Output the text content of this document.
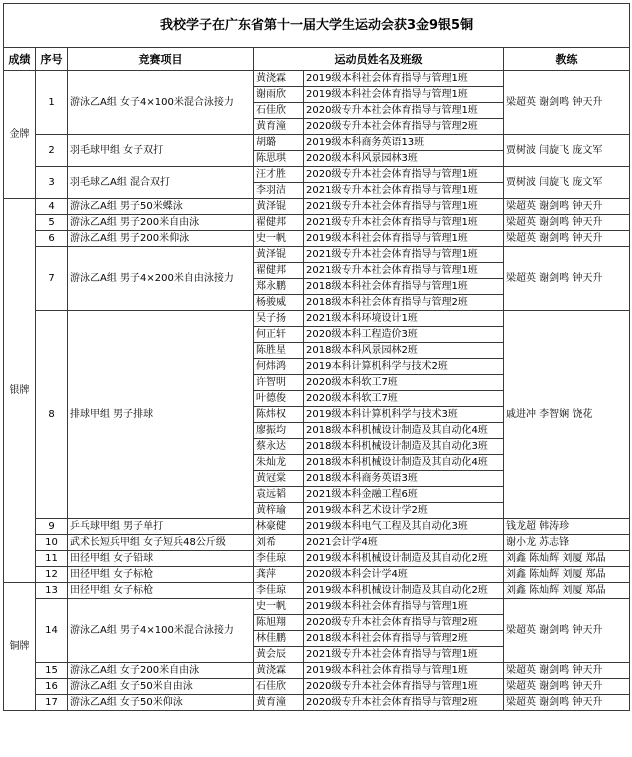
我校学子在广东省第十一届大学生运动会获3金9银5铜					
成绩	序号	竞赛项目	运动员姓名及班级		教练
金牌	1	游泳乙A组 女子4×100米混合泳接力	黄浇霖	2019级本科社会体育指导与管理1班	梁超英 谢剑鸣 钟天升
			谢雨欣	2019级本科社会体育指导与管理1班	
			石佳欣	2020级专升本社会体育指导与管理1班	
			黄育潼	2020级专升本社会体育指导与管理2班	
	2	羽毛球甲组 女子双打	胡璐	2019级本科商务英语13班	贾树波 闫旋飞 庞文军
			陈思琪	2020级本科风景园林3班	
	3	羽毛球乙A组 混合双打	汪才胜	2020级专升本社会体育指导与管理1班	贾树波 闫旋飞 庞文军
			李羽洁	2021级专升本社会体育指导与管理1班	
银牌	4	游泳乙A组 男子50米蝶泳	黄泽锟	2021级专升本社会体育指导与管理1班	梁超英 谢剑鸣 钟天升
	5	游泳乙A组 男子200米自由泳	翟健邦	2021级专升本社会体育指导与管理1班	梁超英 谢剑鸣 钟天升
	6	游泳乙A组 男子200米仰泳	史一帆	2019级本科社会体育指导与管理1班	梁超英 谢剑鸣 钟天升
	7	游泳乙A组 男子4×200米自由泳接力	黄泽锟	2021级专升本社会体育指导与管理1班	梁超英 谢剑鸣 钟天升
			翟健邦	2021级专升本社会体育指导与管理1班	
			郑永鹏	2018级本科社会体育指导与管理1班	
			杨骏威	2018级本科社会体育指导与管理2班	
	8	排球甲组 男子排球	吴子扬	2021级本科环境设计1班	戚进冲 李智娴 饶花
			何正轩	2020级本科工程造价3班	
			陈胜星	2018级本科风景园林2班	
			何炜鸿	2019本科计算机科学与技术2班	
			许智明	2020级本科软工7班	
			叶德俊	2020级本科软工7班	
			陈炜权	2019级本科计算机科学与技术3班	
			廖振均	2018级本科机械设计制造及其自动化4班	
			蔡永达	2018级本科机械设计制造及其自动化3班	
			朱灿龙	2018级本科机械设计制造及其自动化4班	
			黄冠棠	2018级本科商务英语3班	
			袁远韬	2021级本科金融工程6班	
			黄梓瑜	2019级本科艺术设计学2班	
	9	乒乓球甲组 男子单打	林豪健	2019级本科电气工程及其自动化3班	钱龙超 韩涛珍
	10	武术长短兵甲组 女子短兵48公斤级	刘希	2021会计学4班	谢小龙 苏志锋
	11	田径甲组 女子铅球	李佳琼	2019级本科机械设计制造及其自动化2班	刘鑫 陈灿辉 刘厦 郑晶
	12	田径甲组 女子标枪	龚萍	2020级本科会计学4班	刘鑫 陈灿辉 刘厦 郑晶
铜牌	13	田径甲组 女子标枪	李佳琼	2019级本科机械设计制造及其自动化2班	刘鑫 陈灿辉 刘厦 郑晶
	14	游泳乙A组 男子4×100米混合泳接力	史一帆	2019级本科社会体育指导与管理1班	梁超英 谢剑鸣 钟天升
			陈旭翔	2020级专升本社会体育指导与管理2班	
			林佳鹏	2018级本科社会体育指导与管理2班	
			黄会辰	2021级专升本社会体育指导与管理1班	
	15	游泳乙A组 女子200米自由泳	黄浇霖	2019级本科社会体育指导与管理1班	梁超英 谢剑鸣 钟天升
	16	游泳乙A组 女子50米自由泳	石佳欣	2020级专升本社会体育指导与管理1班	梁超英 谢剑鸣 钟天升
	17	游泳乙A组 女子50米仰泳	黄育潼	2020级专升本社会体育指导与管理2班	梁超英 谢剑鸣 钟天升
